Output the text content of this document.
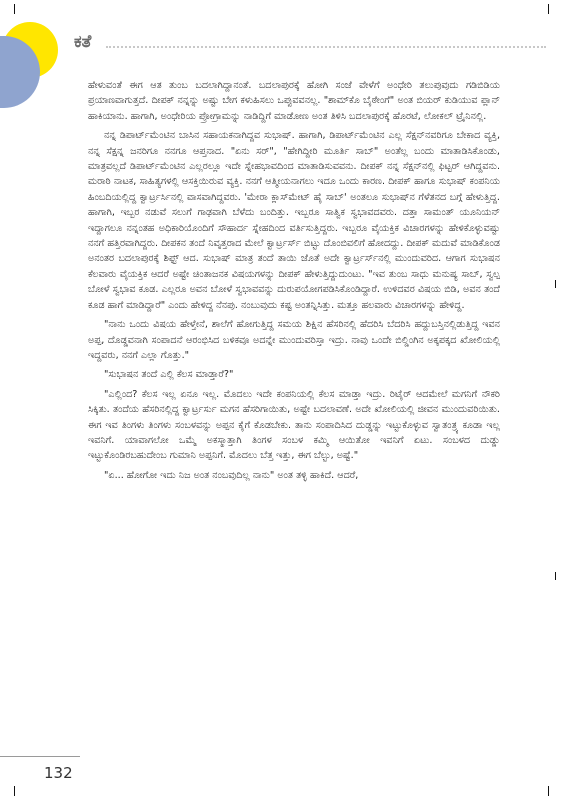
ಕತೆ

ಹೇಳುವಂತೆ ಈಗ ಆತ ತುಂಬ ಬದಲಾಗಿದ್ದಾನಂತೆ. ಬದಲಾಪುರಕ್ಕೆ ಹೋಗಿ ಸಂಜೆ ವೇಳೆಗೆ ಅಂಧೇರಿ ತಲುಪುವುದು ಗಡಿಬಿಡಿಯ ಪ್ರಯಾಣವಾಗುತ್ತದೆ. ದೀಪಕ್ ನನ್ನನ್ನು ಅಷ್ಟು ಬೇಗ ಕಳುಹಿಸಲು ಒಪ್ಪುವವನಲ್ಲ. "ಶಾಮ್‌ಕೊ ಬೈಠೇಂಗೆ" ಅಂತ ಬಿಯರ್ ಕುಡಿಯುವ ಪ್ಲಾನ್ ಹಾಕಿಯಾನು. ಹಾಗಾಗಿ, ಅಂಧೇರಿಯ ಪ್ರೋಗ್ರಾಮನ್ನು ನಾಡಿದ್ದಿಗೆ ಮಾಡೋಣ ಅಂತ ತಿಳಿಸಿ ಬದಲಾಪುರಕ್ಕೆ ಹೊರಟೆ, ಲೋಕಲ್ ಟ್ರೈನಿನಲ್ಲಿ.

ನನ್ನ ಡಿಪಾರ್ಟ್‌ಮೆಂಟಿನ ಬಾಸಿನ ಸಹಾಯಕನಾಗಿದ್ದವ ಸುಭಾಷ್. ಹಾಗಾಗಿ, ಡಿಪಾರ್ಟ್‌ಮೆಂಟಿನ ಎಲ್ಲ ಸೆಕ್ಷನ್‌ನವರಿಗೂ ಬೇಕಾದ ವ್ಯಕ್ತಿ, ನನ್ನ ಸೆಕ್ಷನ್ನ ಜನರಿಗೂ ನನಗೂ ಆಪ್ತನಾದ. "ಏನು ಸರ್", "ಹೇಗಿದ್ದೀರಿ ಮೂರ್ತಿ ಸಾಬ್" ಅಂತೆಲ್ಲ ಬಂದು ಮಾತಾಡಿಸಿಕೊಂಡು, ಮಾತ್ರವಲ್ಲದೆ ಡಿಪಾರ್ಟ್‌ಮೆಂಟಿನ ಎಲ್ಲರಲ್ಲೂ ಇದೇ ಸ್ನೇಹಭಾವದಿಂದ ಮಾತಾಡಿಸುವವನು. ದೀಪಕ್ ನನ್ನ ಸೆಕ್ಷನ್‌ನಲ್ಲಿ ಫಿಟ್ಟರ್ ಆಗಿದ್ದವನು. ಮರಾಠಿ ನಾಟಕ, ಸಾಹಿತ್ಯಗಳಲ್ಲಿ ಆಸಕ್ತಿಯಿರುವ ವ್ಯಕ್ತಿ. ನನಗೆ ಆತ್ಮೀಯನಾಗಲು ಇದೂ ಒಂದು ಕಾರಣ. ದೀಪಕ್ ಹಾಗೂ ಸುಭಾಷ್ ಕಂಪನಿಯ ಹಿಂಬದಿಯಲ್ಲಿದ್ದ ಕ್ವಾರ್ಟ್ರರ್ಸಿನಲ್ಲಿ ವಾಸವಾಗಿದ್ದವರು. 'ಮೇರಾ ಕ್ಲಾಸ್‌ಮೇಟ್ ಹೈ ಸಾಬ್' ಅಂತಲೂ ಸುಭಾಷ್‌ನ ಗೆಳೆತನದ ಬಗ್ಗೆ ಹೇಳುತ್ತಿದ್ದ. ಹಾಗಾಗಿ, ಇಬ್ಬರ ನಡುವೆ ಸಲುಗೆ ಗಾಢವಾಗಿ ಬೆಳೆದು ಬಂದಿತ್ತು. ಇಬ್ಬರೂ ಸಾತ್ವಿಕ ಸ್ವಭಾವದವರು. ದತ್ತಾ ಸಾಮಂತ್ ಯೂನಿಯನ್ ಇದ್ದಾಗಲೂ ನನ್ನಂತಹ ಅಧಿಕಾರಿಯೊಂದಿಗೆ ಸೌಹಾರ್ದ ಸ್ನೇಹದಿಂದ ವರ್ತಿಸುತ್ತಿದ್ದರು. ಇಬ್ಬರೂ ವೈಯಕ್ತಿಕ ವಿಚಾರಗಳನ್ನು ಹೇಳಿಕೊಳ್ಳುವಷ್ಟು ನನಗೆ ಹತ್ತಿರವಾಗಿದ್ದರು. ದೀಪಕನ ತಂದೆ ನಿವೃತ್ತರಾದ ಮೇಲೆ ಕ್ವಾರ್ಟ್ರರ್ಸ್ ಬಿಟ್ಟು ದೊಂಬಿವಲಿಗೆ ಹೋದದ್ದು. ದೀಪಕ್ ಮದುವೆ ಮಾಡಿಕೊಂಡ ಅನಂತರ ಬದಲಾಪುರಕ್ಕೆ ಶಿಫ್ಟ್ ಆದ. ಸುಭಾಷ್ ಮಾತ್ರ ತಂದೆ ತಾಯಿ ಜೊತೆ ಅದೇ ಕ್ವಾರ್ಟ್ರರ್ಸ್‌ನಲ್ಲಿ ಮುಂದುವರಿದ. ಆಗಾಗ ಸುಭಾಷನ ಕೆಲವಾರು ವೈಯಕ್ತಿಕ ಆದರೆ ಅಷ್ಟೇ ಚಿಂತಾಜನಕ ವಿಷಯಗಳನ್ನು ದೀಪಕ್ ಹೇಳುತ್ತಿದ್ದುದುಂಟು. "ಇವ ತುಂಬ ಸಾಧು ಮನುಷ್ಯ ಸಾಬ್, ಸ್ವಲ್ಪ ಬೋಳೆ ಸ್ವಭಾವ ಕೂಡ. ಎಲ್ಲರೂ ಅವನ ಬೋಳೆ ಸ್ವಭಾವವನ್ನು ದುರುಪಯೋಗಪಡಿಸಿಕೊಂಡಿದ್ದಾರೆ. ಉಳಿದವರ ವಿಷಯ ಬಿಡಿ, ಅವನ ತಂದೆ ಕೂಡ ಹಾಗೆ ಮಾಡಿದ್ದಾರೆ" ಎಂದು ಹೇಳಿದ್ದ ನೆನಪು. ನಂಬುವುದು ಕಷ್ಟ ಅಂತನ್ನಿಸಿತ್ತು. ಮತ್ತೂ ಹಲವಾರು ವಿಚಾರಗಳನ್ನು ಹೇಳಿದ್ದ.

"ನಾನು ಒಂದು ವಿಷಯ ಹೇಳ್ತೇನೆ, ಶಾಲೆಗೆ ಹೋಗುತ್ತಿದ್ದ ಸಮಯ ಶಿಕ್ಷಿನ ಹೆಸರಿನಲ್ಲಿ ಹೆದರಿಸಿ ಬೆದರಿಸಿ ಹದ್ದುಬಸ್ತಿನಲ್ಲಿಡುತ್ತಿದ್ದ ಇವನ ಅಪ್ಪ, ದೊಡ್ಡವನಾಗಿ ಸಂಪಾದನೆ ಆರಂಭಿಸಿದ ಬಳಿಕವೂ ಅದನ್ನೇ ಮುಂದುವರಿಸ್ತಾ ಇದ್ರು. ನಾವು ಒಂದೇ ಬಿಲ್ಡಿಂಗಿನ ಅಕ್ಕಪಕ್ಕದ ಖೋಲಿಯಲ್ಲಿ ಇದ್ದವರು, ನನಗೆ ಎಲ್ಲಾ ಗೊತ್ತು."

"ಸುಭಾಷನ ತಂದೆ ಎಲ್ಲಿ ಕೆಲಸ ಮಾಡ್ತಾರೆ?"

"ಎಲ್ಲಿಂದ? ಕೆಲಸ ಇಲ್ಲ ಏನೂ ಇಲ್ಲ. ಮೊದಲು ಇದೇ ಕಂಪನಿಯಲ್ಲಿ ಕೆಲಸ ಮಾಡ್ತಾ ಇದ್ರು. ರಿಟೈರ್ ಆದಮೇಲೆ ಮಗನಿಗೆ ನೌಕರಿ ಸಿಕ್ಕಿತು. ತಂದೆಯ ಹೆಸರಿನಲ್ಲಿದ್ದ ಕ್ವಾರ್ಟ್ರರ್ಸು ಮಗನ ಹೆಸರಿಗಾಯಿತು, ಅಷ್ಟೇ ಬದಲಾವಣೆ. ಅದೇ ಖೋಲಿಯಲ್ಲಿ ಜೀವನ ಮುಂದುವರಿಯಿತು. ಈಗ ಇವ ತಿಂಗಳು ತಿಂಗಳು ಸಂಬಳವನ್ನು ಅಪ್ಪನ ಕೈಗೆ ಕೊಡಬೇಕು. ತಾನು ಸಂಪಾದಿಸಿದ ದುಡ್ಡನ್ನು ಇಟ್ಟುಕೊಳ್ಳುವ ಸ್ವಾತಂತ್ರ್ಯ ಕೂಡಾ ಇಲ್ಲ ಇವನಿಗೆ. ಯಾವಾಗಲೋ ಒಮ್ಮೆ ಅಕಸ್ಮಾತ್ತಾಗಿ ತಿಂಗಳ ಸಂಬಳ ಕಮ್ಮಿ ಆಯಿತೋ ಇವನಿಗೆ ಏಟು. ಸಂಬಳದ ದುಡ್ಡು ಇಟ್ಟುಕೊಂಡಿರಬಹುದೇಂಬ ಗುಮಾನಿ ಅಪ್ಪನಿಗೆ. ಮೊದಲು ಬೆತ್ತ ಇತ್ತು, ಈಗ ಬೆಲ್ಟು, ಅಷ್ಟೆ."

"ಏ... ಹೋಗೋ ಇದು ನಿಜ ಅಂತ ನಂಬವುದಿಲ್ಲ ನಾನು" ಅಂತ ತಳ್ಳಿ ಹಾಕಿದೆ. ಆದರೆ,

132
